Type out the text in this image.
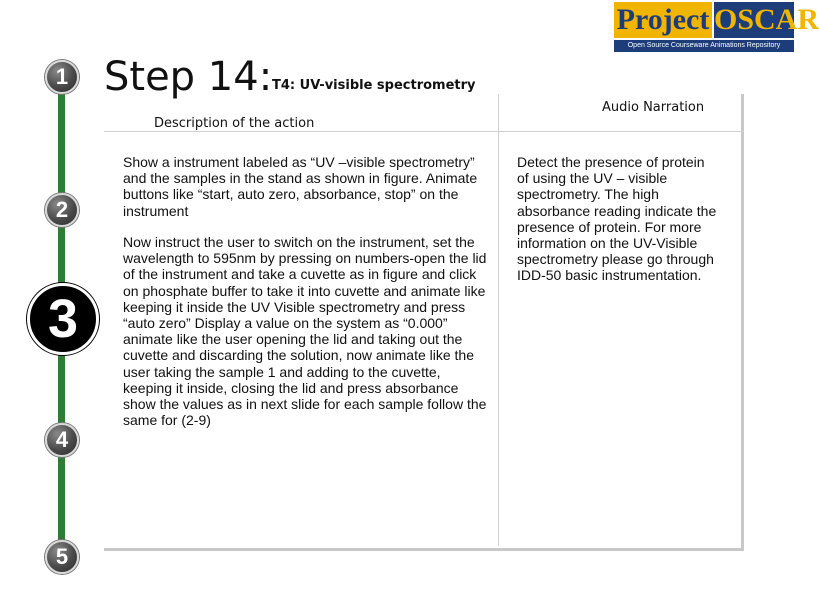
Project OSCAR
Open Source Courseware Animations Repository
1
2
3
4
5
Step 14: T4: UV-visible spectrometry
Description of the action
Audio Narration
Show a instrument labeled as “UV –visible spectrometry” and the samples in the stand as shown in figure. Animate buttons like “start, auto zero, absorbance, stop” on the instrument
Now instruct the user to switch on the instrument, set the wavelength to 595nm by pressing on numbers-open the lid of the instrument and take a cuvette as in figure and click on phosphate buffer to take it into cuvette and animate like keeping it inside the UV Visible spectrometry and press “auto zero” Display a value on the system as “0.000” animate like the user opening the lid and taking out the cuvette and discarding the solution, now animate like the user taking the sample 1 and adding to the cuvette, keeping it inside, closing the lid and press absorbance show the values as in next slide for each sample follow the same for (2-9)
Detect the presence of protein of using the UV – visible spectrometry. The high absorbance reading indicate the presence of protein. For more information on the UV-Visible spectrometry please go through IDD-50 basic instrumentation.
